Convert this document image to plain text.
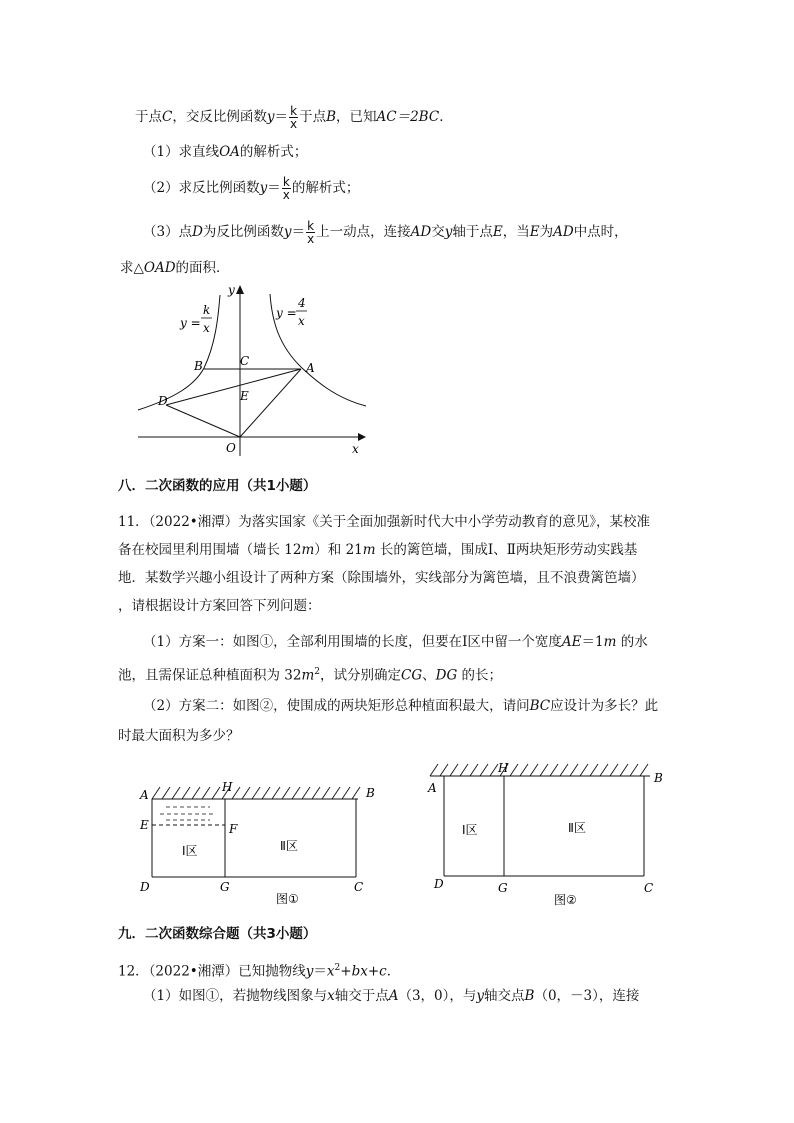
于点C，交反比例函数$y= \frac{k}{x}$ 于点B，已知AC＝2BC．
（1）求直线OA的解析式；
（2）求反比例函数$y= \frac{k}{x}$ 的解析式；
（3）点D为反比例函数$y= \frac{k}{x}$ 上一动点，连接AD交y轴于点E，当E为AD中点时，
求△OAD的面积．
y
x
O
y =
k
x
y =
4
x
B	C	A
D	E
八．二次函数的应用（共1小题）
11．（2022•湘潭）为落实国家《关于全面加强新时代大中小学劳动教育的意见》，某校准
备在校园里利用围墙（墙长 12m）和 21m 长的篱笆墙，围成Ⅰ、Ⅱ两块矩形劳动实践基
地．某数学兴趣小组设计了两种方案（除围墙外，实线部分为篱笆墙，且不浪费篱笆墙）
，请根据设计方案回答下列问题：
（1）方案一：如图①，全部利用围墙的长度，但要在Ⅰ区中留一个宽度AE＝1m 的水
池，且需保证总种植面积为 $32m^2$，试分别确定CG、DG 的长；
（2）方案二：如图②，使围成的两块矩形总种植面积最大，请问BC应设计为多长？此
时最大面积为多少？
A
H	B
E	F
D	G	C
Ⅰ区	Ⅱ区
图①
A
H
B
D	G	C
Ⅰ区	Ⅱ区
图②
九．二次函数综合题（共3小题）
12．（2022•湘潭）已知抛物线$y=x^2+bx+c$．
（1）如图①，若抛物线图象与x轴交于点A（3，0），与y轴交点B（0，－3），连接
